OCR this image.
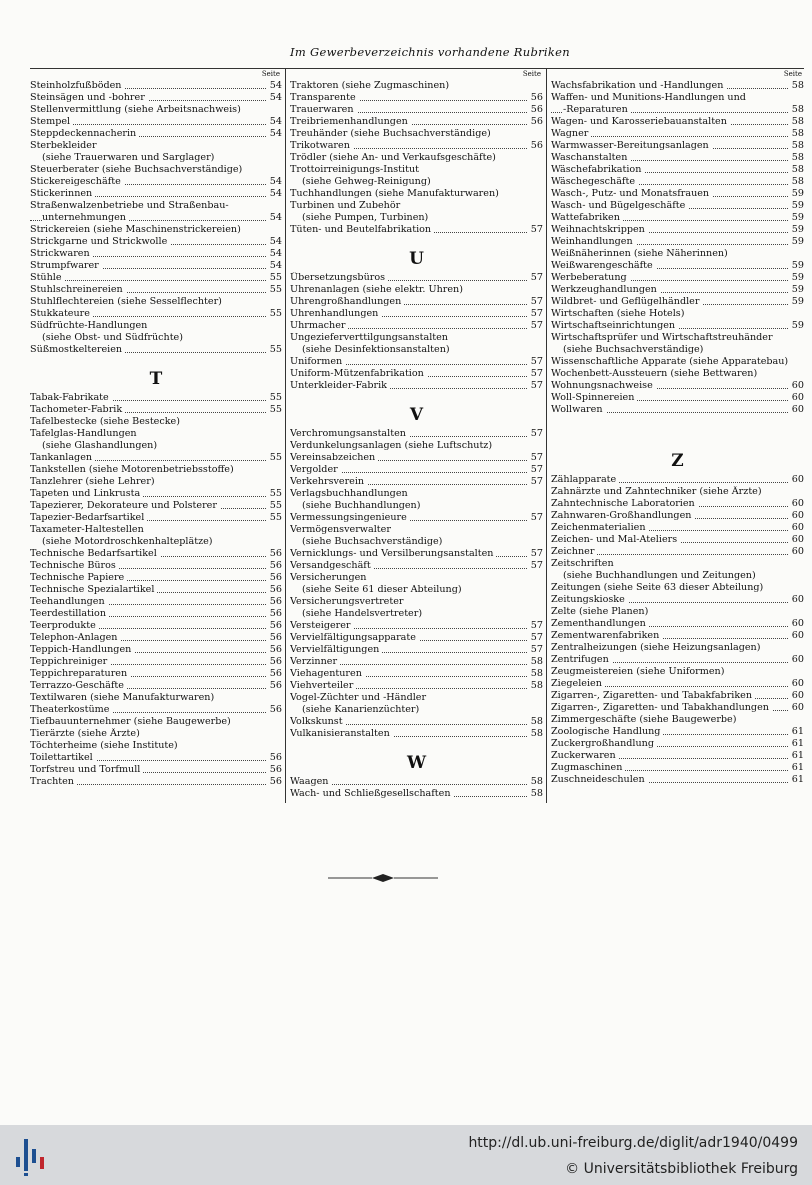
Im Gewerbeverzeichnis vorhandene Rubriken
Seite
Steinholzfußböden	54
Steinsägen und -bohrer	54
Stellenvermittlung (siehe Arbeitsnachweis)
Stempel	54
Steppdeckennacherin	54
Sterbekleider
(siehe Trauerwaren und Sarglager)
Steuerberater (siehe Buchsachverständige)
Stickereigeschäfte	54
Stickerinnen	54
Straßenwalzenbetriebe und Straßenbau-
unternehmungen	54
Strickereien (siehe Maschinenstrickereien)
Strickgarne und Strickwolle	54
Strickwaren	54
Strumpfwarer	54
Stühle	55
Stuhlschreinereien	55
Stuhlflechtereien (siehe Sesselflechter)
Stukkateure	55
Südfrüchte-Handlungen
(siehe Obst- und Südfrüchte)
Süßmostkeltereien	55
T
Tabak-Fabrikate	55
Tachometer-Fabrik	55
Tafelbestecke (siehe Bestecke)
Tafelglas-Handlungen
(siehe Glashandlungen)
Tankanlagen	55
Tankstellen (siehe Motorenbetriebsstoffe)
Tanzlehrer (siehe Lehrer)
Tapeten und Linkrusta	55
Tapezierer, Dekorateure und Polsterer	55
Tapezier-Bedarfsartikel	55
Taxameter-Haltestellen
(siehe Motordroschkenhalteplätze)
Technische Bedarfsartikel	56
Technische Büros	56
Technische Papiere	56
Technische Spezialartikel	56
Teehandlungen	56
Teerdestillation	56
Teerprodukte	56
Telephon-Anlagen	56
Teppich-Handlungen	56
Teppichreiniger	56
Teppichreparaturen	56
Terrazzo-Geschäfte	56
Textilwaren (siehe Manufakturwaren)
Theaterkostüme	56
Tiefbauunternehmer (siehe Baugewerbe)
Tierärzte (siehe Ärzte)
Töchterheime (siehe Institute)
Toilettartikel	56
Torfstreu und Torfmull	56
Trachten	56
Seite
Traktoren (siehe Zugmaschinen)
Transparente	56
Trauerwaren	56
Treibriemenhandlungen	56
Treuhänder (siehe Buchsachverständige)
Trikotwaren	56
Trödler (siehe An- und Verkaufsgeschäfte)
Trottoirreinigungs-Institut
(siehe Gehweg-Reinigung)
Tuchhandlungen (siehe Manufakturwaren)
Turbinen und Zubehör
(siehe Pumpen, Turbinen)
Tüten- und Beutelfabrikation	57
U
Übersetzungsbüros	57
Uhrenanlagen (siehe elektr. Uhren)
Uhrengroßhandlungen	57
Uhrenhandlungen	57
Uhrmacher	57
Ungezieferverttilgungsanstalten
(siehe Desinfektionsanstalten)
Uniformen	57
Uniform-Mützenfabrikation	57
Unterkleider-Fabrik	57
V
Verchromungsanstalten	57
Verdunkelungsanlagen (siehe Luftschutz)
Vereinsabzeichen	57
Vergolder	57
Verkehrsverein	57
Verlagsbuchhandlungen
(siehe Buchhandlungen)
Vermessungsingenieure	57
Vermögensverwalter
(siehe Buchsachverständige)
Vernicklungs- und Versilberungsanstalten	57
Versandgeschäft	57
Versicherungen
(siehe Seite 61 dieser Abteilung)
Versicherungsvertreter
(siehe Handelsvertreter)
Versteigerer	57
Vervielfältigungsapparate	57
Vervielfältigungen	57
Verzinner	58
Viehagenturen	58
Viehverteiler	58
Vogel-Züchter und -Händler
(siehe Kanarienzüchter)
Volkskunst	58
Vulkanisieranstalten	58
W
Waagen	58
Wach- und Schließgesellschaften	58
Seite
Wachsfabrikation und -Handlungen	58
Waffen- und Munitions-Handlungen und
-Reparaturen	58
Wagen- und Karosseriebauanstalten	58
Wagner	58
Warmwasser-Bereitungsanlagen	58
Waschanstalten	58
Wäschefabrikation	58
Wäschegeschäfte	58
Wasch-, Putz- und Monatsfrauen	59
Wasch- und Bügelgeschäfte	59
Wattefabriken	59
Weihnachtskrippen	59
Weinhandlungen	59
Weißnäherinnen (siehe Näherinnen)
Weißwarengeschäfte	59
Werbeberatung	59
Werkzeughandlungen	59
Wildbret- und Geflügelhändler	59
Wirtschaften (siehe Hotels)
Wirtschaftseinrichtungen	59
Wirtschaftsprüfer und Wirtschaftstreuhänder
(siehe Buchsachverständige)
Wissenschaftliche Apparate (siehe Apparatebau)
Wochenbett-Aussteuern (siehe Bettwaren)
Wohnungsnachweise	60
Woll-Spinnereien	60
Wollwaren	60
Z
Zählapparate	60
Zahnärzte und Zahntechniker (siehe Ärzte)
Zahntechnische Laboratorien	60
Zahnwaren-Großhandlungen	60
Zeichenmaterialien	60
Zeichen- und Mal-Ateliers	60
Zeichner	60
Zeitschriften
(siehe Buchhandlungen und Zeitungen)
Zeitungen (siehe Seite 63 dieser Abteilung)
Zeitungskioske	60
Zelte (siehe Planen)
Zementhandlungen	60
Zementwarenfabriken	60
Zentralheizungen (siehe Heizungsanlagen)
Zentrifugen	60
Zeugmeistereien (siehe Uniformen)
Ziegeleien	60
Zigarren-, Zigaretten- und Tabakfabriken	60
Zigarren-, Zigaretten- und Tabakhandlungen	60
Zimmergeschäfte (siehe Baugewerbe)
Zoologische Handlung	61
Zuckergroßhandlung	61
Zuckerwaren	61
Zugmaschinen	61
Zuschneideschulen	61
http://dl.ub.uni-freiburg.de/diglit/adr1940/0499
© Universitätsbibliothek Freiburg
